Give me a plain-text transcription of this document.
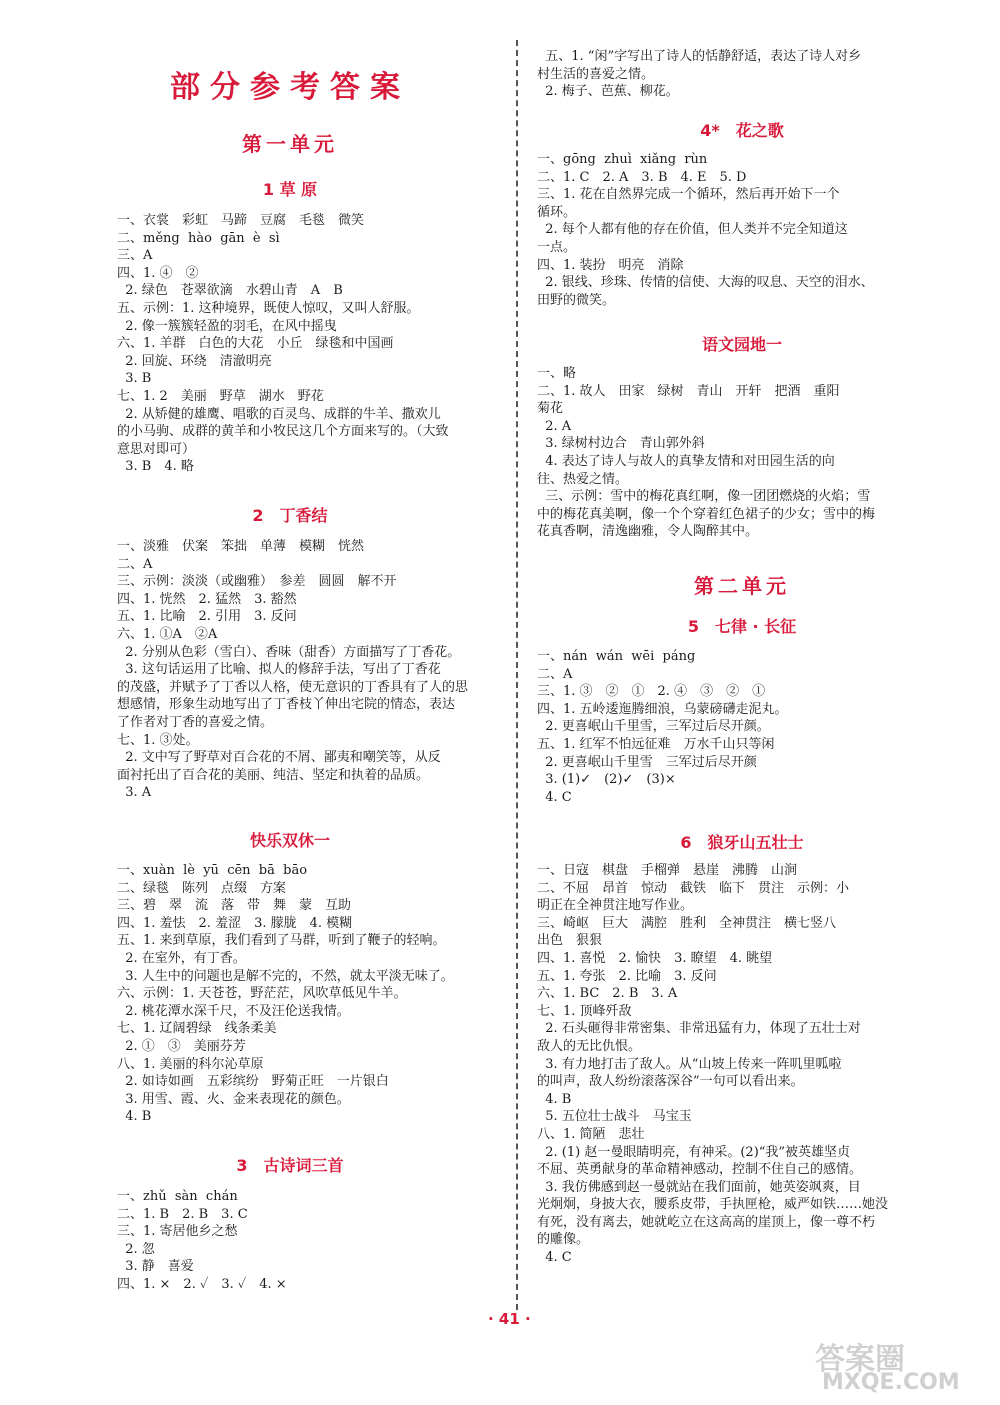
部分参考答案
第一单元
1 草 原
一、衣裳　彩虹　马蹄　豆腐　毛毯　微笑
二、měng  hào  gān  è  sì
三、A
四、1. ④　②
2. 绿色　苍翠欲滴　水碧山青　A　B
五、示例：1. 这种境界，既使人惊叹，又叫人舒服。
2. 像一簇簇轻盈的羽毛，在风中摇曳
六、1. 羊群　白色的大花　小丘　绿毯和中国画
2. 回旋、环绕　清澈明亮
3. B
七、1. 2　美丽　野草　湖水　野花
2. 从矫健的雄鹰、唱歌的百灵鸟、成群的牛羊、撒欢儿
的小马驹、成群的黄羊和小牧民这几个方面来写的。（大致
意思对即可）
3. B　4. 略
2　丁香结
一、淡雅　伏案　笨拙　单薄　模糊　恍然
二、A
三、示例：淡淡（或幽雅）　参差　圆圆　解不开
四、1. 恍然　2. 猛然　3. 豁然
五、1. 比喻　2. 引用　3. 反问
六、1. ①A　②A
2. 分别从色彩（雪白）、香味（甜香）方面描写了丁香花。
3. 这句话运用了比喻、拟人的修辞手法，写出了丁香花
的茂盛，并赋予了丁香以人格，使无意识的丁香具有了人的思
想感情，形象生动地写出了丁香枝丫伸出宅院的情态，表达
了作者对丁香的喜爱之情。
七、1. ③处。
2. 文中写了野草对百合花的不屑、鄙夷和嘲笑等，从反
面衬托出了百合花的美丽、纯洁、坚定和执着的品质。
3. A
快乐双休一
一、xuàn  lè  yū  cēn  bā  bāo
二、绿毯　陈列　点缀　方案
三、碧　翠　流　落　带　舞　蒙　互助
四、1. 羞怯　2. 羞涩　3. 朦胧　4. 模糊
五、1. 来到草原，我们看到了马群，听到了鞭子的轻响。
2. 在室外，有丁香。
3. 人生中的问题也是解不完的，不然，就太平淡无味了。
六、示例：1. 天苍苍，野茫茫，风吹草低见牛羊。
2. 桃花潭水深千尺，不及汪伦送我情。
七、1. 辽阔碧绿　线条柔美
2. ①　③　美丽芬芳
八、1. 美丽的科尔沁草原
2. 如诗如画　五彩缤纷　野菊正旺　一片银白
3. 用雪、霞、火、金来表现花的颜色。
4. B
3　古诗词三首
一、zhǔ  sàn  chán
二、1. B　2. B　3. C
三、1. 寄居他乡之愁
2. 忽
3. 静　喜爱
四、1. ×　2. ✓　3. ✓　4. ×
五、1. “闲”字写出了诗人的恬静舒适，表达了诗人对乡
村生活的喜爱之情。
2. 梅子、芭蕉、柳花。
4*　花之歌
一、gōng  zhuì  xiǎng  rùn
二、1. C　2. A　3. B　4. E　5. D
三、1. 花在自然界完成一个循环，然后再开始下一个
循环。
2. 每个人都有他的存在价值，但人类并不完全知道这
一点。
四、1. 装扮　明亮　消除
2. 银线、珍珠、传情的信使、大海的叹息、天空的泪水、
田野的微笑。
语文园地一
一、略
二、1. 故人　田家　绿树　青山　开轩　把酒　重阳
菊花
2. A
3. 绿树村边合　青山郭外斜
4. 表达了诗人与故人的真挚友情和对田园生活的向
往、热爱之情。
三、示例：雪中的梅花真红啊，像一团团燃烧的火焰；雪
中的梅花真美啊，像一个个穿着红色裙子的少女；雪中的梅
花真香啊，清逸幽雅，令人陶醉其中。
第二单元
5　七律 · 长征
一、nán  wán  wēi  páng
二、A
三、1. ③　②　①　2. ④　③　②　①
四、1. 五岭逶迤腾细浪，乌蒙磅礴走泥丸。
2. 更喜岷山千里雪，三军过后尽开颜。
五、1. 红军不怕远征难　万水千山只等闲
2. 更喜岷山千里雪　三军过后尽开颜
3. (1)✓　(2)✓　(3)×
4. C
6　狼牙山五壮士
一、日寇　棋盘　手榴弹　悬崖　沸腾　山涧
二、不屈　昂首　惊动　截铁　临下　贯注　示例：小
明正在全神贯注地写作业。
三、崎岖　巨大　满腔　胜利　全神贯注　横七竖八
出色　狠狠
四、1. 喜悦　2. 愉快　3. 瞭望　4. 眺望
五、1. 夸张　2. 比喻　3. 反问
六、1. BC　2. B　3. A
七、1. 顶峰歼敌
2. 石头砸得非常密集、非常迅猛有力，体现了五壮士对
敌人的无比仇恨。
3. 有力地打击了敌人。从“山坡上传来一阵叽里呱啦
的叫声，敌人纷纷滚落深谷”一句可以看出来。
4. B
5. 五位壮士战斗　马宝玉
八、1. 简陋　悲壮
2. (1) 赵一曼眼睛明亮，有神采。(2)“我”被英雄坚贞
不屈、英勇献身的革命精神感动，控制不住自己的感情。
3. 我仿佛感到赵一曼就站在我们面前，她英姿飒爽，目
光炯炯，身披大衣，腰系皮带，手执匣枪，威严如铁……她没
有死，没有离去，她就屹立在这高高的崖顶上，像一尊不朽
的雕像。
4. C
· 41 ·
答案圈
MXQE.COM
